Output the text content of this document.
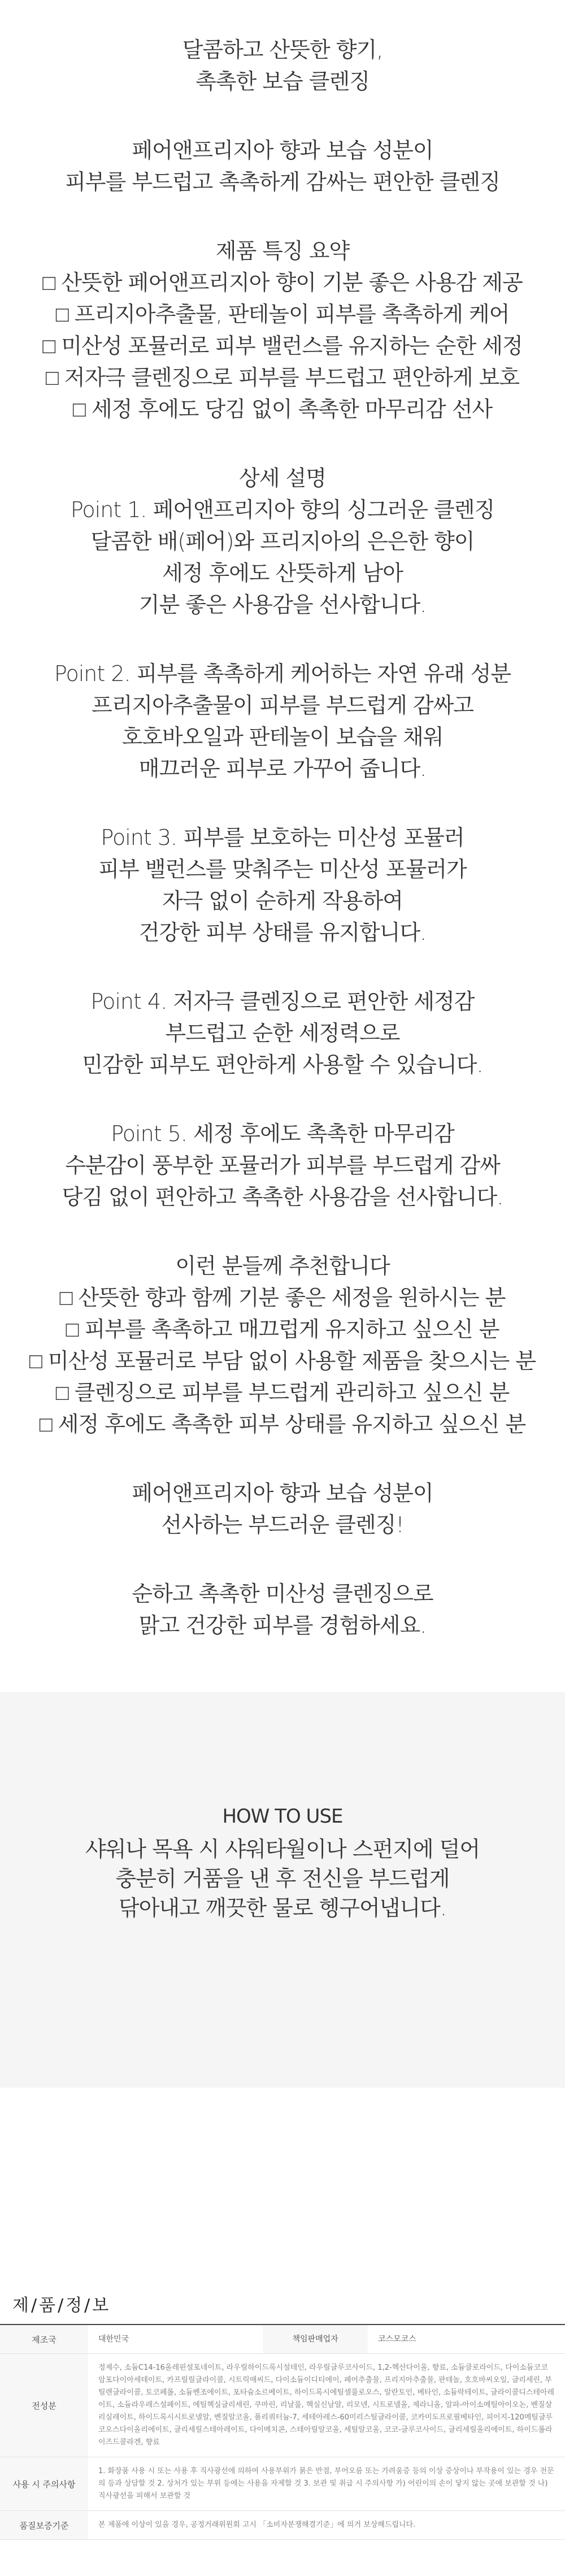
달콤하고 산뜻한 향기,
촉촉한 보습 클렌징
페어앤프리지아 향과 보습 성분이
피부를 부드럽고 촉촉하게 감싸는 편안한 클렌징
제품 특징 요약
□ 산뜻한 페어앤프리지아 향이 기분 좋은 사용감 제공
□ 프리지아추출물, 판테놀이 피부를 촉촉하게 케어
□ 미산성 포뮬러로 피부 밸런스를 유지하는 순한 세정
□ 저자극 클렌징으로 피부를 부드럽고 편안하게 보호
□ 세정 후에도 당김 없이 촉촉한 마무리감 선사
상세 설명
Point 1. 페어앤프리지아 향의 싱그러운 클렌징
달콤한 배(페어)와 프리지아의 은은한 향이
세정 후에도 산뜻하게 남아
기분 좋은 사용감을 선사합니다.
Point 2. 피부를 촉촉하게 케어하는 자연 유래 성분
프리지아추출물이 피부를 부드럽게 감싸고
호호바오일과 판테놀이 보습을 채워
매끄러운 피부로 가꾸어 줍니다.
Point 3. 피부를 보호하는 미산성 포뮬러
피부 밸런스를 맞춰주는 미산성 포뮬러가
자극 없이 순하게 작용하여
건강한 피부 상태를 유지합니다.
Point 4. 저자극 클렌징으로 편안한 세정감
부드럽고 순한 세정력으로
민감한 피부도 편안하게 사용할 수 있습니다.
Point 5. 세정 후에도 촉촉한 마무리감
수분감이 풍부한 포뮬러가 피부를 부드럽게 감싸
당김 없이 편안하고 촉촉한 사용감을 선사합니다.
이런 분들께 추천합니다
□ 산뜻한 향과 함께 기분 좋은 세정을 원하시는 분
□ 피부를 촉촉하고 매끄럽게 유지하고 싶으신 분
□ 미산성 포뮬러로 부담 없이 사용할 제품을 찾으시는 분
□ 클렌징으로 피부를 부드럽게 관리하고 싶으신 분
□ 세정 후에도 촉촉한 피부 상태를 유지하고 싶으신 분
페어앤프리지아 향과 보습 성분이
선사하는 부드러운 클렌징!
순하고 촉촉한 미산성 클렌징으로
맑고 건강한 피부를 경험하세요.
HOW TO USE
샤워나 목욕 시 샤워타월이나 스펀지에 덜어
충분히 거품을 낸 후 전신을 부드럽게
닦아내고 깨끗한 물로 헹구어냅니다.
제/품/정/보
제조국	대한민국	책임판매업자	코스모코스
전성분	정제수, 소듐C14-16올레핀설포네이트, 라우릴하이드록시설테인, 라우릴글루코사이드, 1,2-헥산다이올, 향료, 소듐클로라이드, 다이소듐코코암포다이아세테이트, 카프릴릴글라이콜, 시트릭애씨드, 다이소듐이디티에이, 페어추출물, 프리지아추출물, 판테놀, 호호바씨오일, 글리세린, 부틸렌글라이콜, 토코페롤, 소듐벤조에이트, 포타슘소르베이트, 하이드록시에틸셀룰로오스, 알란토인, 베타인, 소듐락테이트, 글라이콜디스테아레이트, 소듐라우레스설페이트, 에틸헥실글리세린, 쿠마린, 리날룰, 헥실신남알, 리모넨, 시트로넬올, 제라니올, 알파-아이소메틸아이오논, 벤질살리실레이트, 하이드록시시트로넬알, 벤질알코올, 폴리쿼터늄-7, 세테아레스-60미리스틸글라이콜, 코카미도프로필베타인, 피이지-120메틸글루코오스다이올리에이트, 글리세릴스테아레이트, 다이메치콘, 스테아릴알코올, 세틸알코올, 코코-글루코사이드, 글리세릴올리에이트, 하이드롤라이즈드콜라겐, 향료		
사용 시 주의사항	1. 화장품 사용 시 또는 사용 후 직사광선에 의하여 사용부위가 붉은 반점, 부어오름 또는 가려움증 등의 이상 증상이나 부작용이 있는 경우 전문의 등과 상담할 것 2. 상처가 있는 부위 등에는 사용을 자제할 것 3. 보관 및 취급 시 주의사항 가) 어린이의 손이 닿지 않는 곳에 보관할 것 나) 직사광선을 피해서 보관할 것		
품질보증기준	본 제품에 이상이 있을 경우, 공정거래위원회 고시 「소비자분쟁해결기준」에 의거 보상해드립니다.		
